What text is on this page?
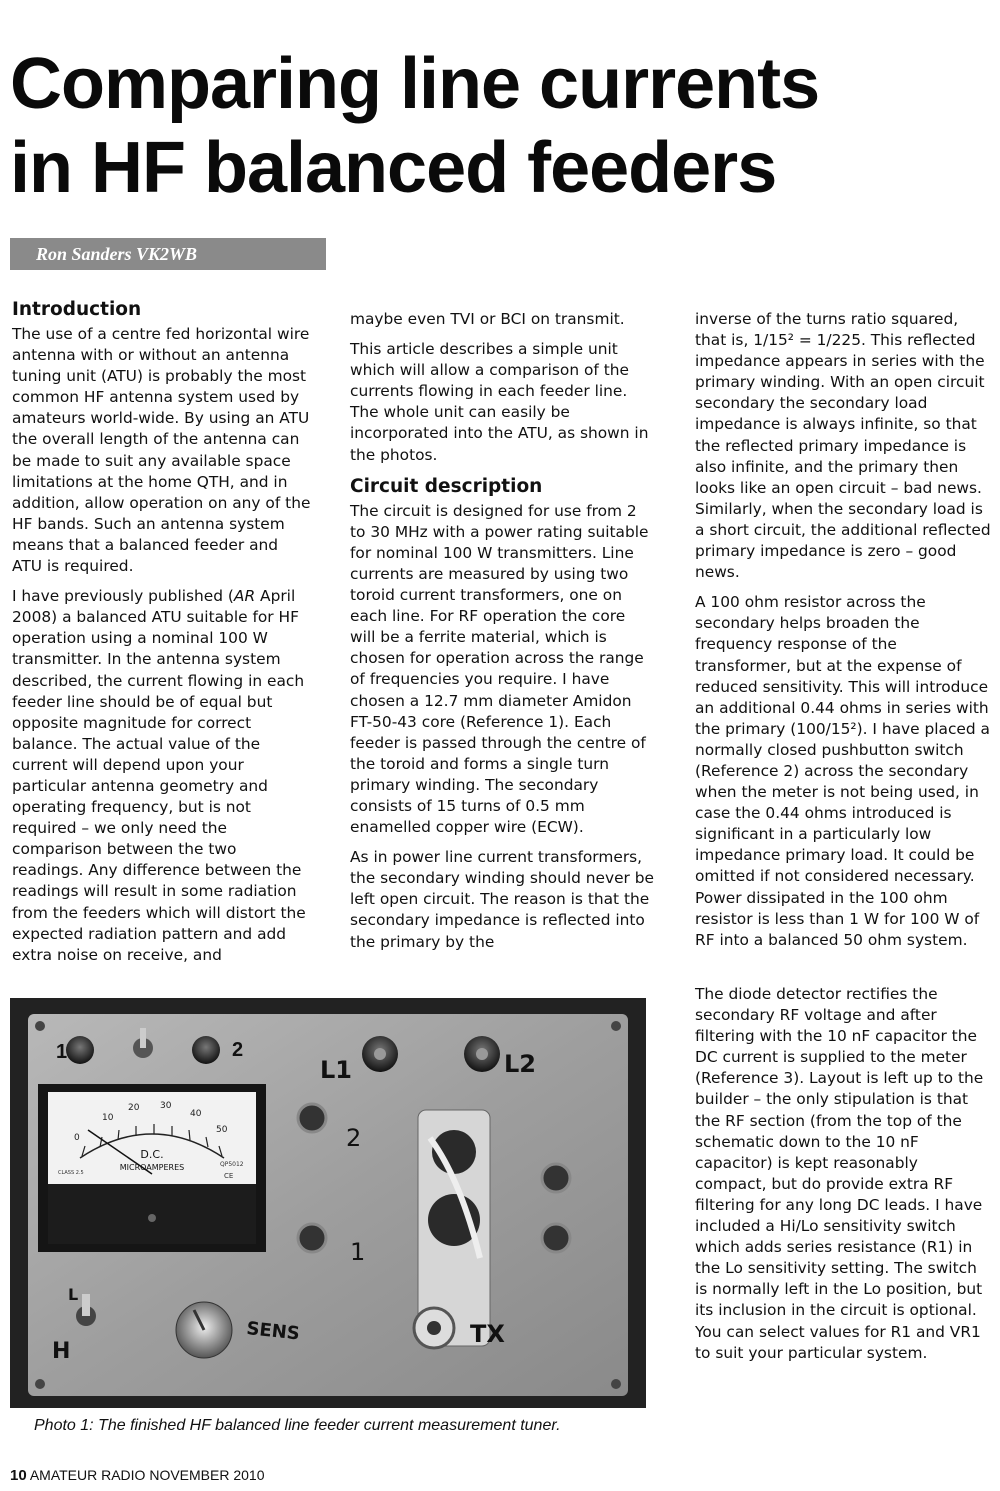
Comparing line currents
in HF balanced feeders
Ron Sanders VK2WB
Introduction

The use of a centre fed horizontal wire antenna with or without an antenna tuning unit (ATU) is probably the most common HF antenna system used by amateurs world-wide. By using an ATU the overall length of the antenna can be made to suit any available space limitations at the home QTH, and in addition, allow operation on any of the HF bands. Such an antenna system means that a balanced feeder and ATU is required.

I have previously published (AR April 2008) a balanced ATU suitable for HF operation using a nominal 100 W transmitter. In the antenna system described, the current flowing in each feeder line should be of equal but opposite magnitude for correct balance. The actual value of the current will depend upon your particular antenna geometry and operating frequency, but is not required – we only need the comparison between the two readings. Any difference between the readings will result in some radiation from the feeders which will distort the expected radiation pattern and add extra noise on receive, and

maybe even TVI or BCI on transmit.

This article describes a simple unit which will allow a comparison of the currents flowing in each feeder line. The whole unit can easily be incorporated into the ATU, as shown in the photos.

Circuit description

The circuit is designed for use from 2 to 30 MHz with a power rating suitable for nominal 100 W transmitters. Line currents are measured by using two toroid current transformers, one on each line. For RF operation the core will be a ferrite material, which is chosen for operation across the range of frequencies you require. I have chosen a 12.7 mm diameter Amidon FT-50-43 core (Reference 1). Each feeder is passed through the centre of the toroid and forms a single turn primary winding. The secondary consists of 15 turns of 0.5 mm enamelled copper wire (ECW).

As in power line current transformers, the secondary winding should never be left open circuit. The reason is that the secondary impedance is reflected into the primary by the

inverse of the turns ratio squared, that is, 1/15² = 1/225. This reflected impedance appears in series with the primary winding. With an open circuit secondary the secondary load impedance is always infinite, so that the reflected primary impedance is also infinite, and the primary then looks like an open circuit – bad news. Similarly, when the secondary load is a short circuit, the additional reflected primary impedance is zero – good news.

A 100 ohm resistor across the secondary helps broaden the frequency response of the transformer, but at the expense of reduced sensitivity. This will introduce an additional 0.44 ohms in series with the primary (100/15²). I have placed a normally closed pushbutton switch (Reference 2) across the secondary when the meter is not being used, in case the 0.44 ohms introduced is significant in a particularly low impedance primary load. It could be omitted if not considered necessary. Power dissipated in the 100 ohm resistor is less than 1 W for 100 W of RF into a balanced 50 ohm system.

The diode detector rectifies the secondary RF voltage and after filtering with the 10 nF capacitor the DC current is supplied to the meter (Reference 3). Layout is left up to the builder – the only stipulation is that the RF section (from the top of the schematic down to the 10 nF capacitor) is kept reasonably compact, but do provide extra RF filtering for any long DC leads. I have included a Hi/Lo sensitivity switch which adds series resistance (R1) in the Lo sensitivity setting. The switch is normally left in the Lo position, but its inclusion in the circuit is optional. You can select values for R1 and VR1 to suit your particular system.

1	2
0
10
20 30
40
50
D.C.
MICROAMPERES	QP5012
CE
CLASS 2.5
L1	L2
2
1
L
H
SENS	TX
Photo 1: The finished HF balanced line feeder current measurement tuner.
10 AMATEUR RADIO NOVEMBER 2010
